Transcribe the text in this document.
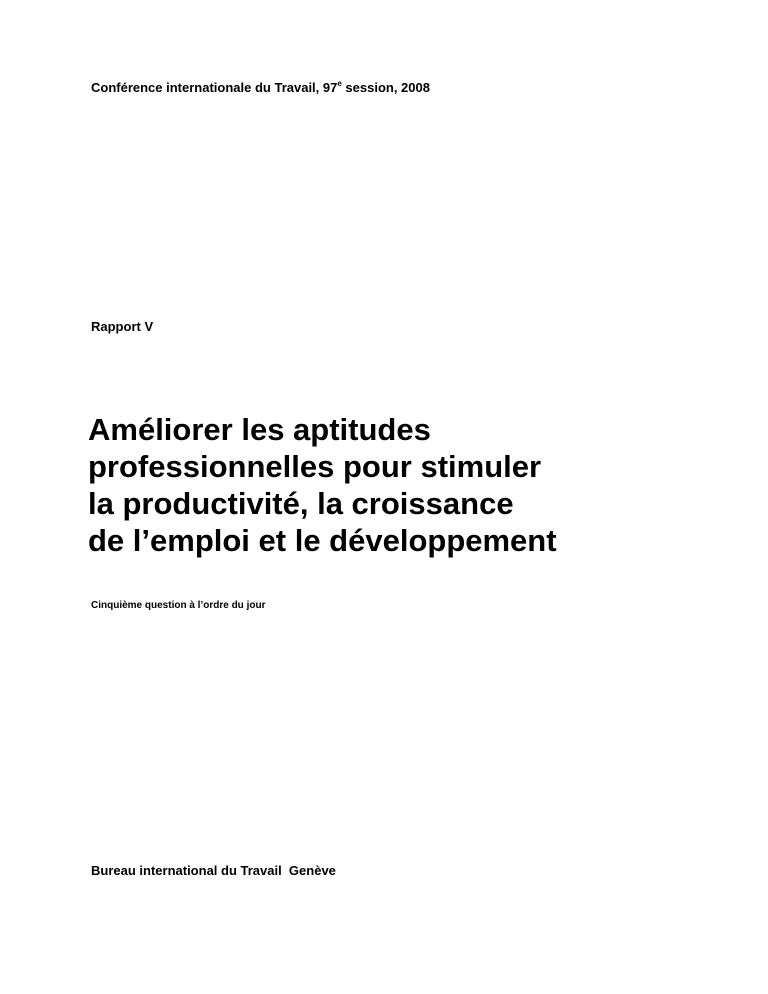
Conférence internationale du Travail, 97e session, 2008
Rapport V
Améliorer les aptitudes
professionnelles pour stimuler
la productivité, la croissance
de l’emploi et le développement
Cinquième question à l’ordre du jour
Bureau international du Travail  Genève
